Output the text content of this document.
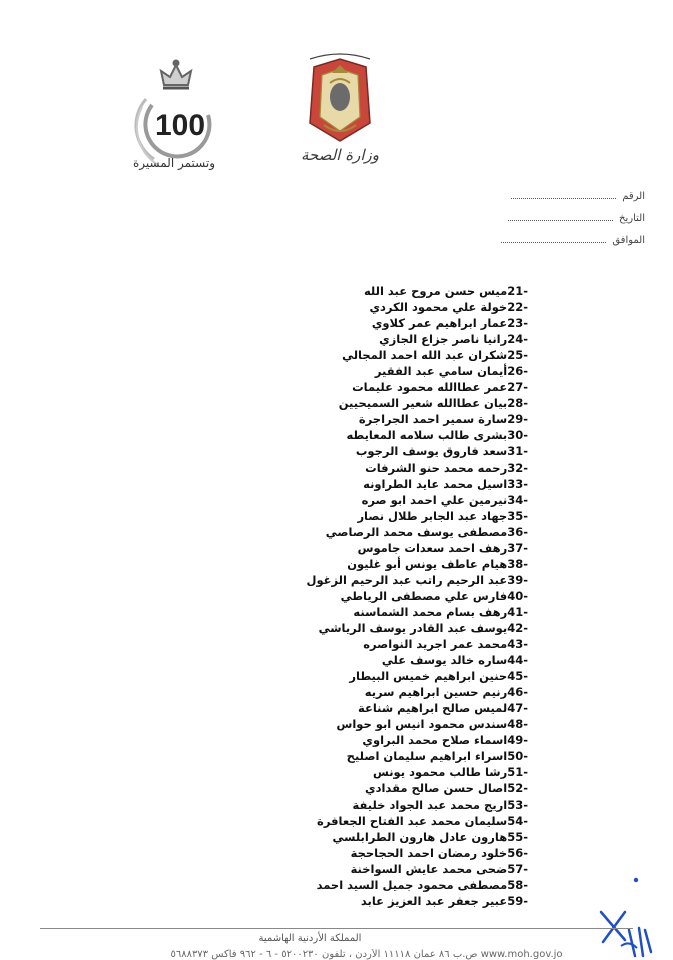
100
وتستمر المسيرة	وزارة الصحة
الرقم
التاريخ
الموافق
21-ميس حسن مروح عبد الله
22-خولة علي محمود الكردي
23-عمار ابراهيم عمر كلاوي
24-رانيا ناصر جزاع الجازي
25-شكران عبد الله احمد المجالي
26-أيمان سامي عبد الفقير
27-عمر عطاالله محمود عليمات
28-بيان عطاالله شعير السميحيين
29-سارة سمير احمد الجراجرة
30-بشرى طالب سلامه المعايطه
31-سعد فاروق يوسف الرجوب
32-رحمه محمد حنو الشرفات
33-اسيل محمد عايد الطراونه
34-نيرمين علي احمد ابو صره
35-جهاد عبد الجابر طلال نصار
36-مصطفى يوسف محمد الرصاصي
37-رهف احمد سعدات جاموس
38-هيام عاطف يونس أبو غليون
39-عبد الرحيم راتب عبد الرحيم الزغول
40-فارس علي مصطفى الرياطي
41-رهف بسام محمد الشماسنه
42-يوسف عبد القادر يوسف الرياشي
43-محمد عمر اجريد النواصره
44-ساره خالد يوسف علي
45-حنين ابراهيم خميس البيطار
46-رنيم حسين ابراهيم سريه
47-لميس صالح ابراهيم شناعة
48-سندس محمود انيس ابو حواس
49-اسماء صلاح محمد البراوي
50-اسراء ابراهيم سليمان اصليح
51-رشا طالب محمود يونس
52-اصال حسن صالح مقدادي
53-اريج محمد عبد الجواد خليفة
54-سليمان محمد عبد الفتاح الجعافرة
55-هارون عادل هارون الطرابلسي
56-خلود رمضان احمد الحجاحجة
57-ضحى محمد عايش السواخنة
58-مصطفى محمود جميل السيد احمد
59-عبير جعفر عبد العزيز عابد
المملكة الأردنية الهاشمية
www.moh.gov.jo ص.ب ٨٦ عمان ١١١١٨ الأردن ، تلفون ٥٢٠٠٢٣٠ - ٦ - ٩٦٢ فاكس ٥٦٨٨٣٧٣
